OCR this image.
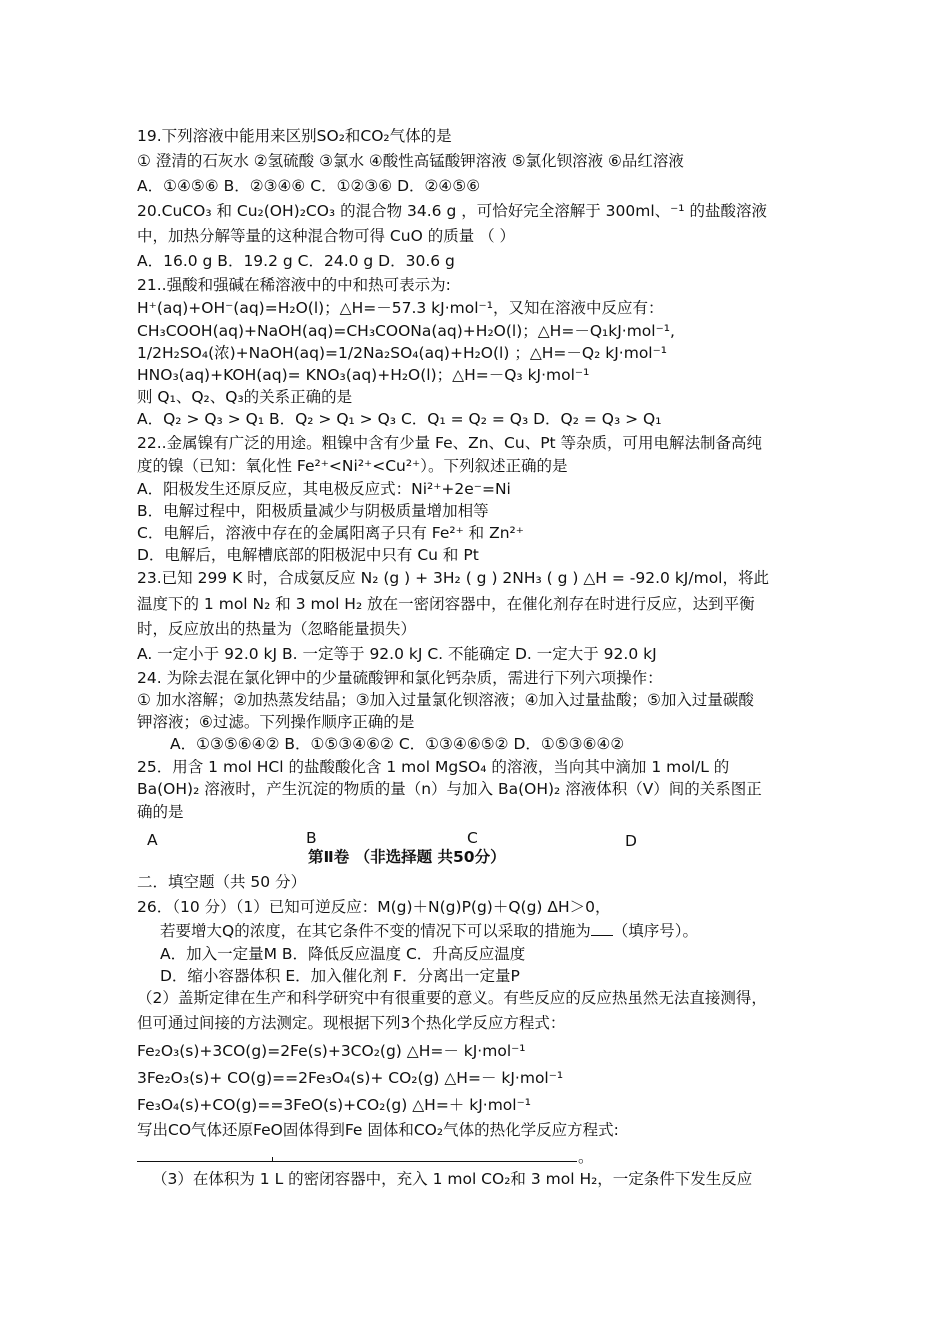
19.下列溶液中能用来区别SO₂和CO₂气体的是
① 澄清的石灰水 ②氢硫酸 ③氯水 ④酸性高锰酸钾溶液 ⑤氯化钡溶液 ⑥品红溶液
A．①④⑤⑥ B．②③④⑥ C．①②③⑥ D．②④⑤⑥
20.CuCO₃ 和 Cu₂(OH)₂CO₃ 的混合物 34.6 g ，可恰好完全溶解于 300ml、⁻¹ 的盐酸溶液
中，加热分解等量的这种混合物可得 CuO 的质量 （ ）
A．16.0 g B．19.2 g C．24.0 g D．30.6 g
21..强酸和强碱在稀溶液中的中和热可表示为:
H⁺(aq)+OH⁻(aq)=H₂O(l)；△H=－57.3 kJ·mol⁻¹，又知在溶液中反应有：
CH₃COOH(aq)+NaOH(aq)=CH₃COONa(aq)+H₂O(l)；△H=－Q₁kJ·mol⁻¹,
1/2H₂SO₄(浓)+NaOH(aq)=1/2Na₂SO₄(aq)+H₂O(l) ；△H=－Q₂ kJ·mol⁻¹
HNO₃(aq)+KOH(aq)= KNO₃(aq)+H₂O(l)；△H=－Q₃ kJ·mol⁻¹
则 Q₁、Q₂、Q₃的关系正确的是
A．Q₂ > Q₃ > Q₁ B．Q₂ > Q₁ > Q₃ C．Q₁ = Q₂ = Q₃ D．Q₂ = Q₃ > Q₁
22..金属镍有广泛的用途。粗镍中含有少量 Fe、Zn、Cu、Pt 等杂质，可用电解法制备高纯
度的镍（已知：氧化性 Fe²⁺<Ni²⁺<Cu²⁺）。下列叙述正确的是
A．阳极发生还原反应，其电极反应式：Ni²⁺+2e⁻=Ni
B．电解过程中，阳极质量减少与阴极质量增加相等
C．电解后，溶液中存在的金属阳离子只有 Fe²⁺ 和 Zn²⁺
D．电解后，电解槽底部的阳极泥中只有 Cu 和 Pt
23.已知 299 K 时，合成氨反应 N₂ (g ) + 3H₂ ( g ) 2NH₃ ( g ) △H = -92.0 kJ/mol，将此
温度下的 1 mol N₂ 和 3 mol H₂ 放在一密闭容器中，在催化剂存在时进行反应，达到平衡
时，反应放出的热量为（忽略能量损失）
A. 一定小于 92.0 kJ B. 一定等于 92.0 kJ C. 不能确定 D. 一定大于 92.0 kJ
24. 为除去混在氯化钾中的少量硫酸钾和氯化钙杂质，需进行下列六项操作：
① 加水溶解；②加热蒸发结晶；③加入过量氯化钡溶液；④加入过量盐酸；⑤加入过量碳酸
钾溶液；⑥过滤。下列操作顺序正确的是
A．①③⑤⑥④② B．①⑤③④⑥② C．①③④⑥⑤② D．①⑤③⑥④②
25．用含 1 mol HCl 的盐酸酸化含 1 mol MgSO₄ 的溶液，当向其中滴加 1 mol/L 的
Ba(OH)₂ 溶液时，产生沉淀的物质的量（n）与加入 Ba(OH)₂ 溶液体积（V）间的关系图正
确的是
A	B	C	D
第Ⅱ卷 （非选择题 共50分）
二．填空题（共 50 分）
26．（10 分）（1）已知可逆反应：M(g)＋N(g)P(g)＋Q(g) ΔH＞0，
若要增大Q的浓度，在其它条件不变的情况下可以采取的措施为 （填序号）。
A．加入一定量M B．降低反应温度 C．升高反应温度
D．缩小容器体积 E．加入催化剂 F．分离出一定量P
（2）盖斯定律在生产和科学研究中有很重要的意义。有些反应的反应热虽然无法直接测得，
但可通过间接的方法测定。现根据下列3个热化学反应方程式：
Fe₂O₃(s)+3CO(g)=2Fe(s)+3CO₂(g) △H=－ kJ·mol⁻¹
3Fe₂O₃(s)+ CO(g)==2Fe₃O₄(s)+ CO₂(g) △H=－ kJ·mol⁻¹
Fe₃O₄(s)+CO(g)==3FeO(s)+CO₂(g) △H=＋ kJ·mol⁻¹
写出CO气体还原FeO固体得到Fe 固体和CO₂气体的热化学反应方程式:
。
（3）在体积为 1 L 的密闭容器中，充入 1 mol CO₂和 3 mol H₂，一定条件下发生反应
